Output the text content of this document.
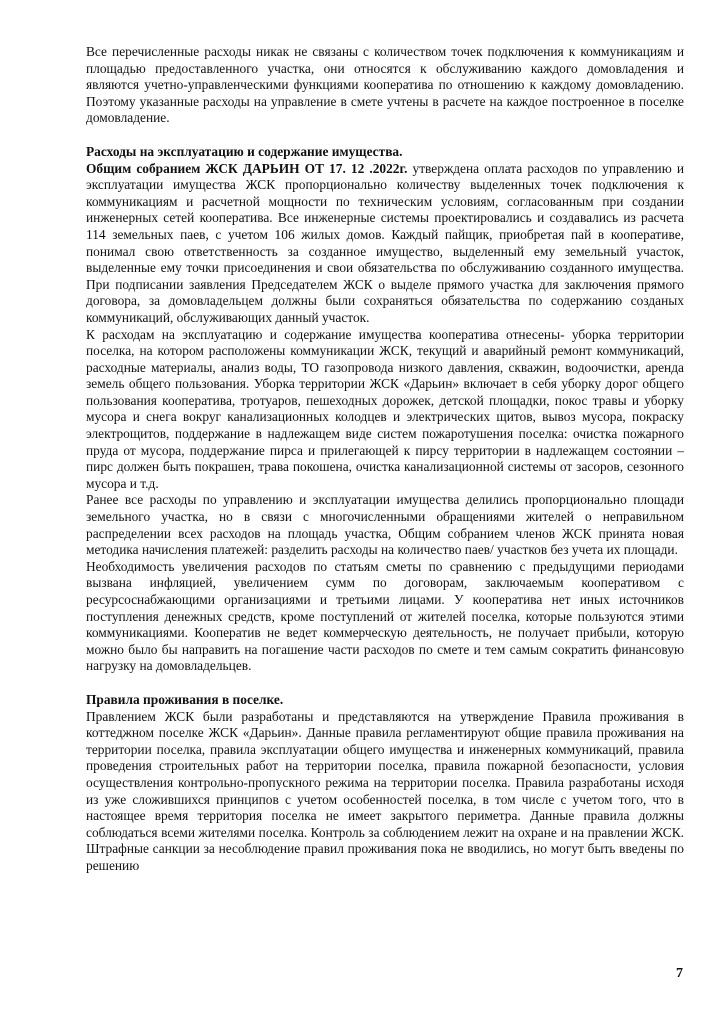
Все перечисленные расходы никак не связаны с количеством точек подключения к коммуникациям и площадью предоставленного участка, они относятся к обслуживанию каждого домовладения и являются учетно-управленческими функциями кооператива по отношению к каждому домовладению. Поэтому указанные расходы на управление в смете учтены в расчете на каждое построенное в поселке домовладение.

Расходы на эксплуатацию и содержание имущества.

Общим собранием ЖСК ДАРЬИН ОТ 17. 12 .2022г. утверждена оплата расходов по управлению и эксплуатации имущества ЖСК пропорционально количеству выделенных точек подключения к коммуникациям и расчетной мощности по техническим условиям, согласованным при создании инженерных сетей кооператива. Все инженерные системы проектировались и создавались из расчета 114 земельных паев, с учетом 106 жилых домов. Каждый пайщик, приобретая пай в кооперативе, понимал свою ответственность за созданное имущество, выделенный ему земельный участок, выделенные ему точки присоединения и свои обязательства по обслуживанию созданного имущества. При подписании заявления Председателем ЖСК о выделе прямого участка для заключения прямого договора, за домовладельцем должны были сохраняться обязательства по содержанию созданых коммуникаций, обслуживающих данный участок.

К расходам на эксплуатацию и содержание имущества кооператива отнесены- уборка территории поселка, на котором расположены коммуникации ЖСК, текущий и аварийный ремонт коммуникаций, расходные материалы, анализ воды, ТО газопровода низкого давления, скважин, водоочистки, аренда земель общего пользования. Уборка территории ЖСК «Дарьин» включает в себя уборку дорог общего пользования кооператива, тротуаров, пешеходных дорожек, детской площадки, покос травы и уборку мусора и снега вокруг канализационных колодцев и электрических щитов, вывоз мусора, покраску электрощитов, поддержание в надлежащем виде систем пожаротушения поселка: очистка пожарного пруда от мусора, поддержание пирса и прилегающей к пирсу территории в надлежащем состоянии – пирс должен быть покрашен, трава покошена, очистка канализационной системы от засоров, сезонного мусора и т.д.

Ранее все расходы по управлению и эксплуатации имущества делились пропорционально площади земельного участка, но в связи с многочисленными обращениями жителей о неправильном распределении всех расходов на площадь участка, Общим собранием членов ЖСК принята новая методика начисления платежей: разделить расходы на количество паев/ участков без учета их площади.

Необходимость увеличения расходов по статьям сметы по сравнению с предыдущими периодами вызвана инфляцией, увеличением сумм по договорам, заключаемым кооперативом с ресурсоснабжающими организациями и третьими лицами. У кооператива нет иных источников поступления денежных средств, кроме поступлений от жителей поселка, которые пользуются этими коммуникациями. Кооператив не ведет коммерческую деятельность, не получает прибыли, которую можно было бы направить на погашение части расходов по смете и тем самым сократить финансовую нагрузку на домовладельцев.

Правила проживания в поселке.

Правлением ЖСК были разработаны и представляются на утверждение Правила проживания в коттеджном поселке ЖСК «Дарьин». Данные правила регламентируют общие правила проживания на территории поселка, правила эксплуатации общего имущества и инженерных коммуникаций, правила проведения строительных работ на территории поселка, правила пожарной безопасности, условия осуществления контрольно-пропускного режима на территории поселка. Правила разработаны исходя из уже сложившихся принципов с учетом особенностей поселка, в том числе с учетом того, что в настоящее время территория поселка не имеет закрытого периметра. Данные правила должны соблюдаться всеми жителями поселка. Контроль за соблюдением лежит на охране и на правлении ЖСК. Штрафные санкции за несоблюдение правил проживания пока не вводились, но могут быть введены по решению

7
